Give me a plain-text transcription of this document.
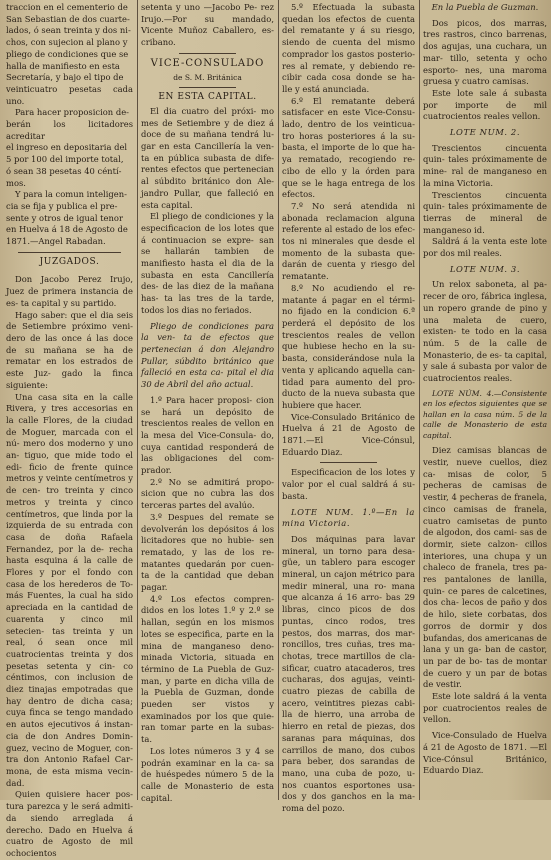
traccion en el cementerio de
San Sebastian de dos cuarte-
lados, ó sean treinta y dos ni-
chos, con sujecion al plano y
pliego de condiciones que se
halla de manifiesto en esta
Secretaría, y bajo el tipo de
veinticuatro pesetas cada uno.
Para hacer proposicion de-
berán los licitadores acreditar
el ingreso en depositaria del
5 por 100 del importe total,
ó sean 38 pesetas 40 céntí-
mos.
Y para la comun inteligen-
cia se fija y publica el pre-
sente y otros de igual tenor
en Huelva á 18 de Agosto de
1871.—Angel Rabadan.
JUZGADOS.

Don Jacobo Perez Irujo, Juez de primera instancia de es- ta capital y su partido.

Hago saber: que el dia seis de Setiembre próximo veni- dero de las once á las doce de su mañana se ha de rematar en los estrados de este Juz- gado la finca siguiente:

Una casa sita en la calle Rivera, y tres accesorias en la calle Flores, de la ciudad de Moguer, marcada con el nú- mero dos moderno y uno an- tiguo, que mide todo el edi- ficio de frente quince metros y veinte centímetros y de cen- tro treinta y cinco metros y treinta y cinco centímetros, que linda por la izquierda de su entrada con casa de doña Rafaela Fernandez, por la de- recha hasta esquina á la calle de Flores y por el fondo con casa de los herederos de To- más Fuentes, la cual ha sido apreciada en la cantidad de cuarenta y cinco mil setecien- tas treinta y un real, ó sean once mil cuatrocientas treinta y dos pesetas setenta y cin- co céntimos, con inclusion de diez tinajas empotradas que hay dentro de dicha casa; cuya finca se tengo mandado en autos ejecutivos á instan- cia de don Andres Domin- guez, vecino de Moguer, con- tra don Antonio Rafael Car- mona, de esta misma vecin- dad.

Quien quisiere hacer pos- tura parezca y le será admiti- da siendo arreglada á derecho. Dado en Huelva á cuatro de Agosto de mil ochocientos

setenta y uno —Jacobo Pe- rez Irujo.—Por su mandado, Vicente Muñoz Caballero, es- cribano.

VICE-CONSULADO
de S. M. Británica
EN ESTA CAPITAL.

El dia cuatro del próxi- mo mes de Setiembre y de diez á doce de su mañana tendrá lu- gar en esta Cancillería la ven- ta en pública subasta de dife- rentes efectos que pertenecian al súbdito británico don Ale- jandro Pullar, que falleció en esta capital.

El pliego de condiciones y la especificacion de los lotes que á continuacion se expre- san se hallarán tambien de manifiesto hasta el dia de la subasta en esta Cancillería des- de las diez de la mañana has- ta las tres de la tarde, todos los dias no feriados.

Pliego de condiciones para la ven- ta de efectos que pertenecian á don Alejandro Pullar, súbdito británico que falleció en esta ca- pital el dia 30 de Abril del año actual.

1.º Para hacer proposi- cion se hará un depósito de trescientos reales de vellon en la mesa del Vice-Consula- do, cuya cantidad responderá de las obligaciones del com- prador.

2.º No se admitirá propo- sicion que no cubra las dos terceras partes del avalúo.

3.º Despues del remate se devolverán los depósitos á los licitadores que no hubie- sen rematado, y las de los re- matantes quedarán por cuen- ta de la cantidad que deban pagar.

4.º Los efectos compren- didos en los lotes 1.º y 2.º se hallan, según en los mismos lotes se especifica, parte en la mina de manganeso deno- minada Victoria, situada en término de La Puebla de Guz- man, y parte en dicha villa de la Puebla de Guzman, donde pueden ser vistos y examinados por los que quie- ran tomar parte en la subas- ta.

Los lotes números 3 y 4 se podrán examinar en la ca- sa de huéspedes número 5 de la calle de Monasterio de esta capital.

5.º Efectuada la subasta quedan los efectos de cuenta del rematante y á su riesgo, siendo de cuenta del mismo comprador los gastos posterio- res al remate, y debiendo re- cibir cada cosa donde se ha- lle y está anunciada.

6.º El rematante deberá satisfacer en este Vice-Consu- lado, dentro de los veinticua- tro horas posteriores á la su- basta, el importe de lo que ha- ya rematado, recogiendo re- cibo de ello y la órden para que se le haga entrega de los efectos.

7.º No será atendida ni abonada reclamacion alguna referente al estado de los efec- tos ni minerales que desde el momento de la subasta que- darán de cuenta y riesgo del rematante.

8.º No acudiendo el re- matante á pagar en el térmi- no fijado en la condicion 6.ª perderá el depósito de los trescientos reales de vellon que hubiese hecho en la su- basta, considerándose nula la venta y aplicando aquella can- tidad para aumento del pro- ducto de la nueva subasta que hubiere que hacer.

Vice-Consulado Británico de Huelva á 21 de Agosto de 1871.—El Vice-Cónsul, Eduardo Diaz.

Especificacion de los lotes y valor por el cual saldrá á su- basta.

LOTE NUM. 1.º—En la mina Victoria.

Dos máquinas para lavar mineral, un torno para desa- güe, un tablero para escoger mineral, un cajon métrico para medir mineral, una ro- mana que alcanza á 16 arro- bas 29 libras, cinco picos de dos puntas, cinco rodos, tres pestos, dos marras, dos mar- roncillos, tres cuñas, tres ma- chotas, trece martillos de cla- sificar, cuatro atacaderos, tres cucharas, dos agujas, veinti- cuatro piezas de cabilla de acero, veintitres piezas cabi- lla de hierro, una arroba de hierro en retal de piezas, dos saranas para máquinas, dos carrillos de mano, dos cubos para beber, dos sarandas de mano, una cuba de pozo, u- nos cuantos esportones usa- dos y dos ganchos en la ma- roma del pozo.

En la Puebla de Guzman.

Dos picos, dos marras, tres rastros, cinco barrenas, dos agujas, una cuchara, un mar- tillo, setenta y ocho esporto- nes, una maroma gruesa y cuatro camisas.

Este lote sale á subasta por importe de mil cuatrocientos reales vellon.

LOTE NUM. 2.

Trescientos cincuenta quin- tales próximamente de mine- ral de manganeso en la mina Victoria.

Trescientos cincuenta quin- tales próximamente de tierras de mineral de manganeso id.

Saldrá á la venta este lote por dos mil reales.

LOTE NUM. 3.

Un relox saboneta, al pa- recer de oro, fábrica inglesa, un ropero grande de pino y una maleta de cuero, existen- te todo en la casa núm. 5 de la calle de Monasterio, de es- ta capital, y sale á subasta por valor de cuatrocientos reales.

LOTE NÚM. 4.—Consistente en los efectos siguientes que se hallan en la casa núm. 5 de la calle de Monasterio de esta capital.

Diez camisas blancas de vestir, nueve cuellos, diez ca- misas de color, 5 pecheras de camisas de vestir, 4 pecheras de franela, cinco camisas de franela, cuatro camisetas de punto de algodon, dos cami- sas de dormir, siete calzon- cillos interiores, una chupa y un chaleco de franela, tres pa- res pantalones de lanilla, quin- ce pares de calcetines, dos cha- lecos de paño y dos de hilo, siete corbatas, dos gorros de dormir y dos bufandas, dos americanas de lana y un ga- ban de castor, un par de bo- tas de montar de cuero y un par de botas de vestir.

Este lote saldrá á la venta por cuatrocientos reales de vellon.

Vice-Consulado de Huelva á 21 de Agosto de 1871. —El Vice-Cónsul Británico, Eduardo Diaz.
